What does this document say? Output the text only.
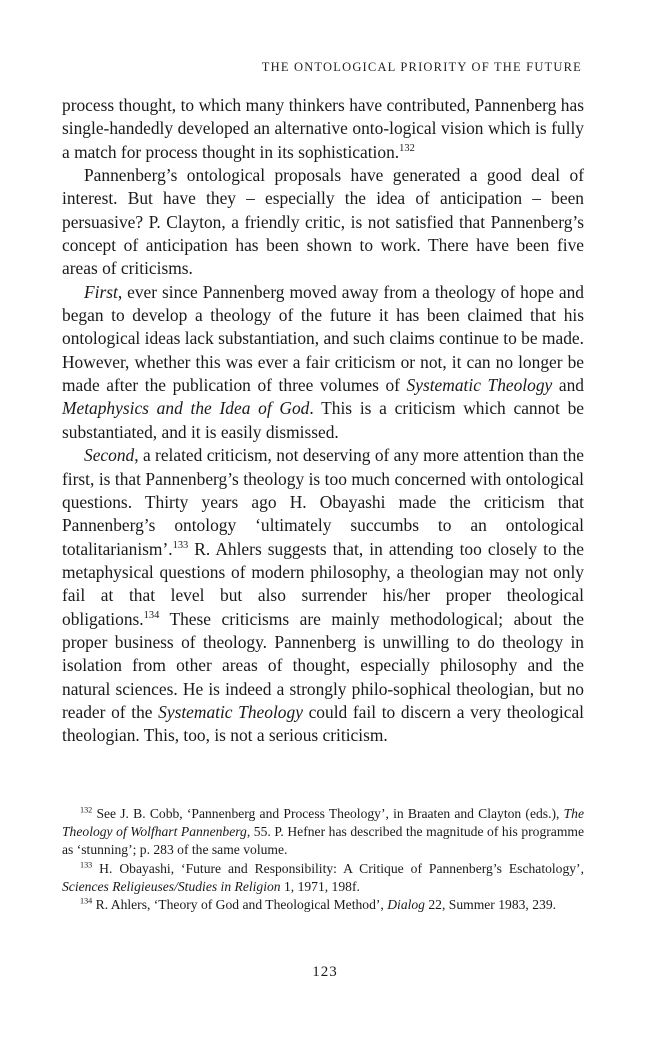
THE ONTOLOGICAL PRIORITY OF THE FUTURE

process thought, to which many thinkers have contributed, Pannenberg has single-handedly developed an alternative onto-logical vision which is fully a match for process thought in its sophistication.$^{132}$

Pannenberg’s ontological proposals have generated a good deal of interest. But have they – especially the idea of anticipation – been persuasive? P. Clayton, a friendly critic, is not satisfied that Pannenberg’s concept of anticipation has been shown to work. There have been five areas of criticisms.

First, ever since Pannenberg moved away from a theology of hope and began to develop a theology of the future it has been claimed that his ontological ideas lack substantiation, and such claims continue to be made. However, whether this was ever a fair criticism or not, it can no longer be made after the publication of three volumes of Systematic Theology and Metaphysics and the Idea of God. This is a criticism which cannot be substantiated, and it is easily dismissed.

Second, a related criticism, not deserving of any more attention than the first, is that Pannenberg’s theology is too much concerned with ontological questions. Thirty years ago H. Obayashi made the criticism that Pannenberg’s ontology ‘ultimately succumbs to an ontological totalitarianism’.$^{133}$ R. Ahlers suggests that, in attending too closely to the metaphysical questions of modern philosophy, a theologian may not only fail at that level but also surrender his/her proper theological obligations.$^{134}$ These criticisms are mainly methodological; about the proper business of theology. Pannenberg is unwilling to do theology in isolation from other areas of thought, especially philosophy and the natural sciences. He is indeed a strongly philo-sophical theologian, but no reader of the Systematic Theology could fail to discern a very theological theologian. This, too, is not a serious criticism.

$^{132}$ See J. B. Cobb, ‘Pannenberg and Process Theology’, in Braaten and Clayton (eds.), The Theology of Wolfhart Pannenberg, 55. P. Hefner has described the magnitude of his programme as ‘stunning’; p. 283 of the same volume.

$^{133}$ H. Obayashi, ‘Future and Responsibility: A Critique of Pannenberg’s Eschatology’, Sciences Religieuses/Studies in Religion 1, 1971, 198f.

$^{134}$ R. Ahlers, ‘Theory of God and Theological Method’, Dialog 22, Summer 1983, 239.

123
